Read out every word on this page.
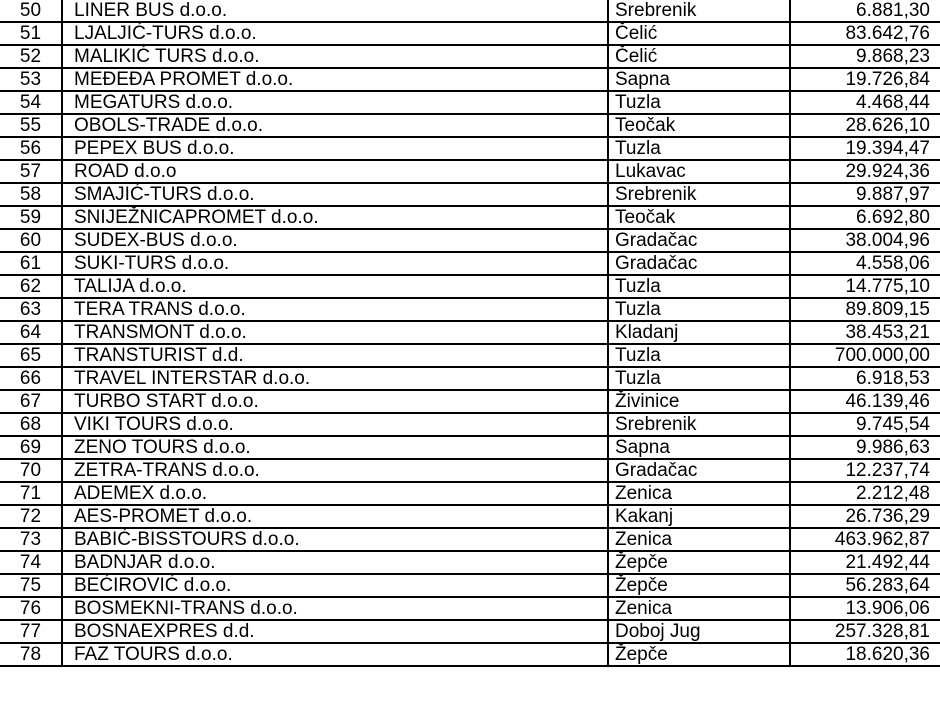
50	LINER BUS d.o.o.	Srebrenik	6.881,30
51	LJALJIĆ-TURS d.o.o.	Čelić	83.642,76
52	MALIKIĆ TURS d.o.o.	Čelić	9.868,23
53	MEĐEĐA PROMET d.o.o.	Sapna	19.726,84
54	MEGATURS d.o.o.	Tuzla	4.468,44
55	OBOLS-TRADE d.o.o.	Teočak	28.626,10
56	PEPEX BUS d.o.o.	Tuzla	19.394,47
57	ROAD d.o.o	Lukavac	29.924,36
58	SMAJIĆ-TURS d.o.o.	Srebrenik	9.887,97
59	SNIJEŽNICAPROMET d.o.o.	Teočak	6.692,80
60	SUDEX-BUS d.o.o.	Gradačac	38.004,96
61	SUKI-TURS d.o.o.	Gradačac	4.558,06
62	TALIJA d.o.o.	Tuzla	14.775,10
63	TERA TRANS d.o.o.	Tuzla	89.809,15
64	TRANSMONT d.o.o.	Kladanj	38.453,21
65	TRANSTURIST d.d.	Tuzla	700.000,00
66	TRAVEL INTERSTAR d.o.o.	Tuzla	6.918,53
67	TURBO START d.o.o.	Živinice	46.139,46
68	VIKI TOURS d.o.o.	Srebrenik	9.745,54
69	ZENO TOURS d.o.o.	Sapna	9.986,63
70	ZETRA-TRANS d.o.o.	Gradačac	12.237,74
71	ADEMEX d.o.o.	Zenica	2.212,48
72	AES-PROMET d.o.o.	Kakanj	26.736,29
73	BABIĆ-BISSTOURS d.o.o.	Zenica	463.962,87
74	BADNJAR d.o.o.	Žepče	21.492,44
75	BEĆIROVIĆ d.o.o.	Žepče	56.283,64
76	BOSMEKNI-TRANS d.o.o.	Zenica	13.906,06
77	BOSNAEXPRES d.d.	Doboj Jug	257.328,81
78	FAZ TOURS d.o.o.	Žepče	18.620,36
